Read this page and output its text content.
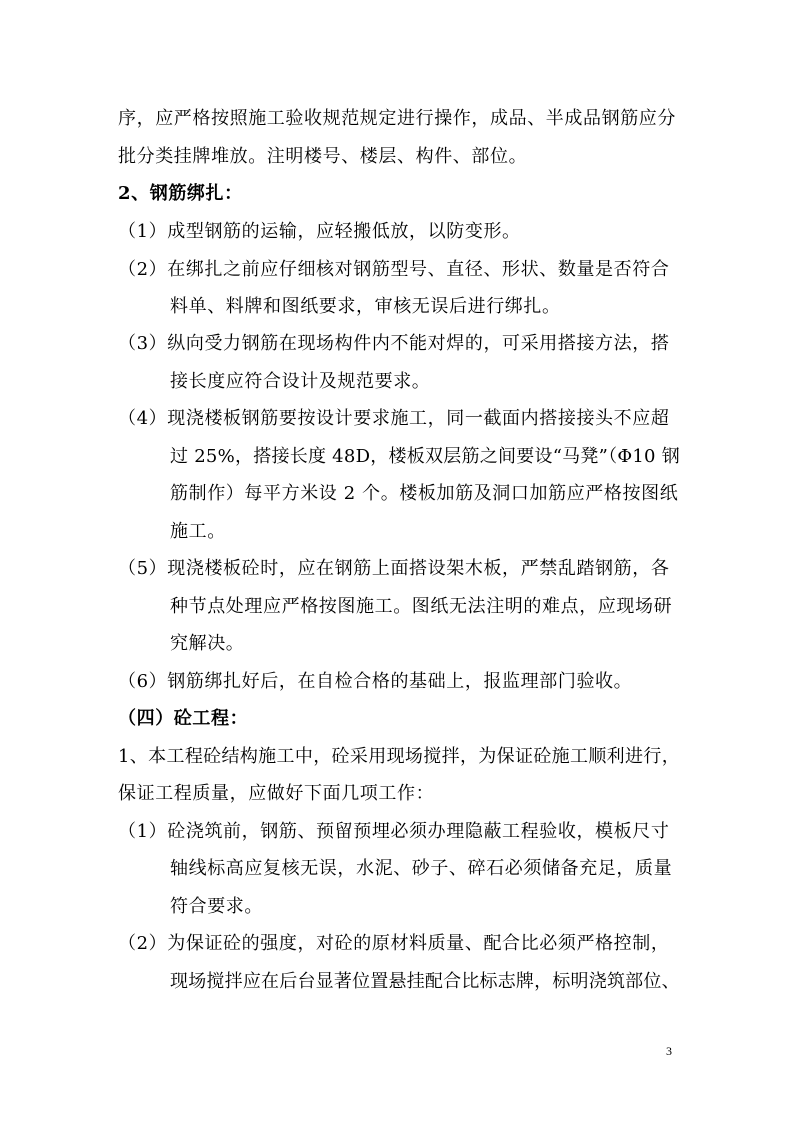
序，应严格按照施工验收规范规定进行操作，成品、半成品钢筋应分
批分类挂牌堆放。注明楼号、楼层、构件、部位。
2、钢筋绑扎：
（1）成型钢筋的运输，应轻搬低放，以防变形。
（2）在绑扎之前应仔细核对钢筋型号、直径、形状、数量是否符合
料单、料牌和图纸要求，审核无误后进行绑扎。
（3）纵向受力钢筋在现场构件内不能对焊的，可采用搭接方法，搭
接长度应符合设计及规范要求。
（4）现浇楼板钢筋要按设计要求施工，同一截面内搭接接头不应超
过 25%，搭接长度 48D，楼板双层筋之间要设“马凳”（Φ10 钢
筋制作）每平方米设 2 个。楼板加筋及洞口加筋应严格按图纸
施工。
（5）现浇楼板砼时，应在钢筋上面搭设架木板，严禁乱踏钢筋，各
种节点处理应严格按图施工。图纸无法注明的难点，应现场研
究解决。
（6）钢筋绑扎好后，在自检合格的基础上，报监理部门验收。
（四）砼工程：
1、本工程砼结构施工中，砼采用现场搅拌，为保证砼施工顺利进行，
保证工程质量，应做好下面几项工作：
（1）砼浇筑前，钢筋、预留预埋必须办理隐蔽工程验收，模板尺寸
轴线标高应复核无误，水泥、砂子、碎石必须储备充足，质量
符合要求。
（2）为保证砼的强度，对砼的原材料质量、配合比必须严格控制，
现场搅拌应在后台显著位置悬挂配合比标志牌，标明浇筑部位、
3
